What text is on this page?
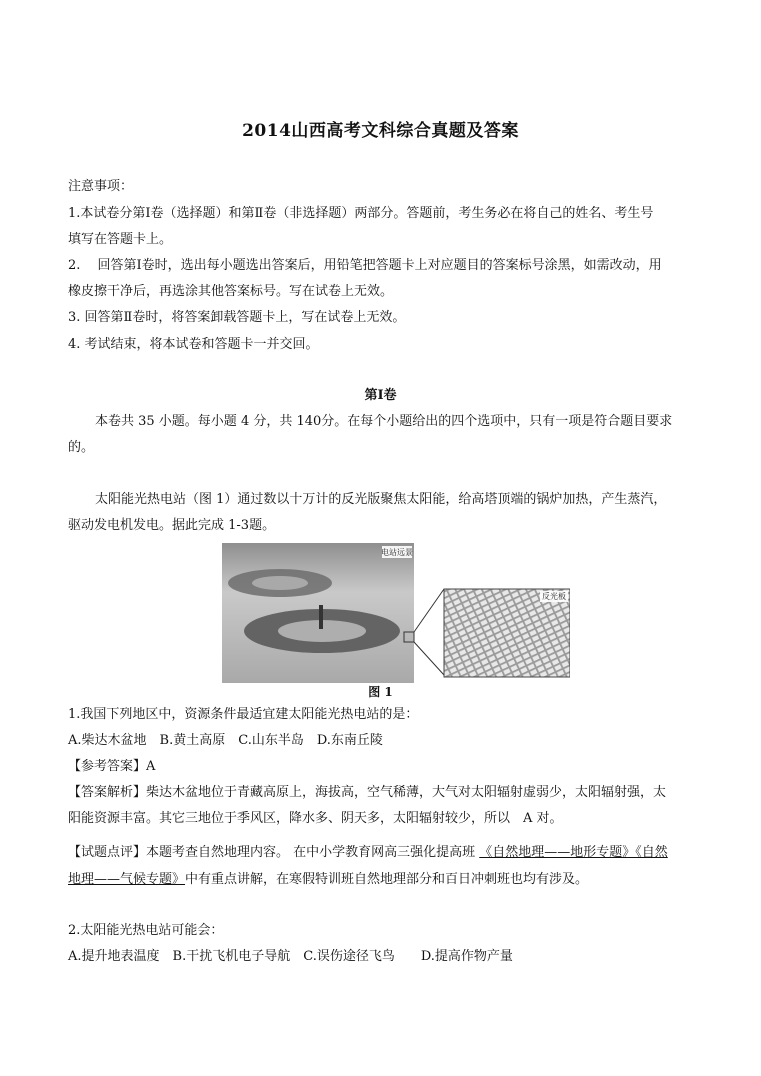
2014山西高考文科综合真题及答案
注意事项：
1.本试卷分第Ⅰ卷（选择题）和第Ⅱ卷（非选择题）两部分。答题前，考生务必在将自己的姓名、考生号
填写在答题卡上。
2.　 回答第Ⅰ卷时，选出每小题选出答案后，用铅笔把答题卡上对应题目的答案标号涂黑，如需改动，用
橡皮擦干净后，再选涂其他答案标号。写在试卷上无效。
3. 回答第Ⅱ卷时，将答案卸载答题卡上，写在试卷上无效。
4. 考试结束，将本试卷和答题卡一并交回。
第Ⅰ卷
本卷共 35 小题。每小题 4 分，共 140分。在每个小题给出的四个选项中，只有一项是符合题目要求
的。
太阳能光热电站（图 1）通过数以十万计的反光版聚焦太阳能，给高塔顶端的锅炉加热，产生蒸汽，
驱动发电机发电。据此完成 1-3题。
电站远景
反光板
图 1
1.我国下列地区中，资源条件最适宜建太阳能光热电站的是：
A.柴达木盆地　B.黄土高原　C.山东半岛　D.东南丘陵
【参考答案】A
【答案解析】柴达木盆地位于青藏高原上，海拔高，空气稀薄，大气对太阳辐射虚弱少，太阳辐射强，太
阳能资源丰富。其它三地位于季风区，降水多、阴天多，太阳辐射较少，所以　A 对。
【试题点评】本题考查自然地理内容。 在中小学教育网高三强化提高班 《自然地理——地形专题》《自然
地理——气候专题》中有重点讲解，在寒假特训班自然地理部分和百日冲刺班也均有涉及。
2.太阳能光热电站可能会：
A.提升地表温度　B.干扰飞机电子导航　C.误伤途径飞鸟　　D.提高作物产量
